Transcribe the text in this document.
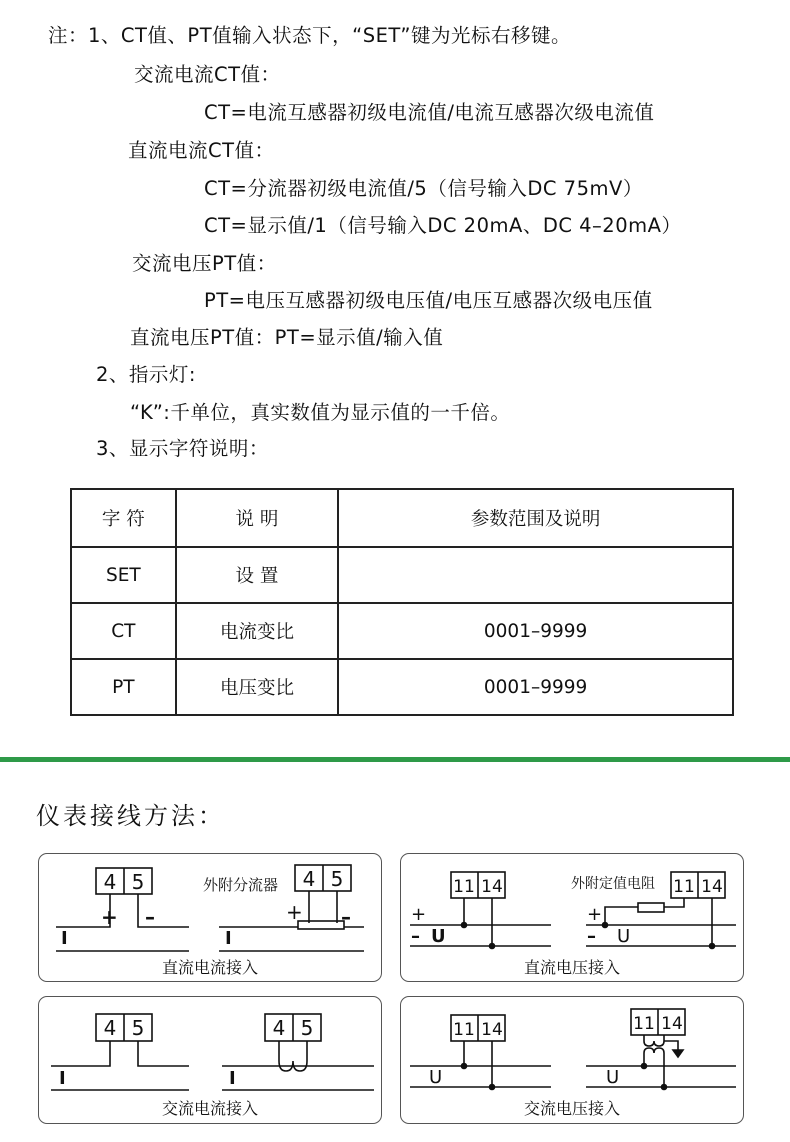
注：1、CT值、PT值输入状态下，“SET”键为光标右移键。
交流电流CT值：
CT=电流互感器初级电流值/电流互感器次级电流值
直流电流CT值：
CT=分流器初级电流值/5（信号输入DC 75mV）
CT=显示值/1（信号输入DC 20mA、DC 4–20mA）
交流电压PT值：
PT=电压互感器初级电压值/电压互感器次级电压值
直流电压PT值：PT=显示值/输入值
2、指示灯:
“K”:千单位，真实数值为显示值的一千倍。
3、显示字符说明：
字 符	说 明	参数范围及说明
SET	设 置	
CT	电流变比	0001–9999
PT	电压变比	0001–9999
仪表接线方法：
4 5
+ –
I
外附分流器 4 5
+ –
I
直流电流接入
11 14
+
– U
外附定值电阻 11 14
+
– U
直流电压接入
4 5
I
4 5
I
交流电流接入
11 14
U
11 14
U
交流电压接入
